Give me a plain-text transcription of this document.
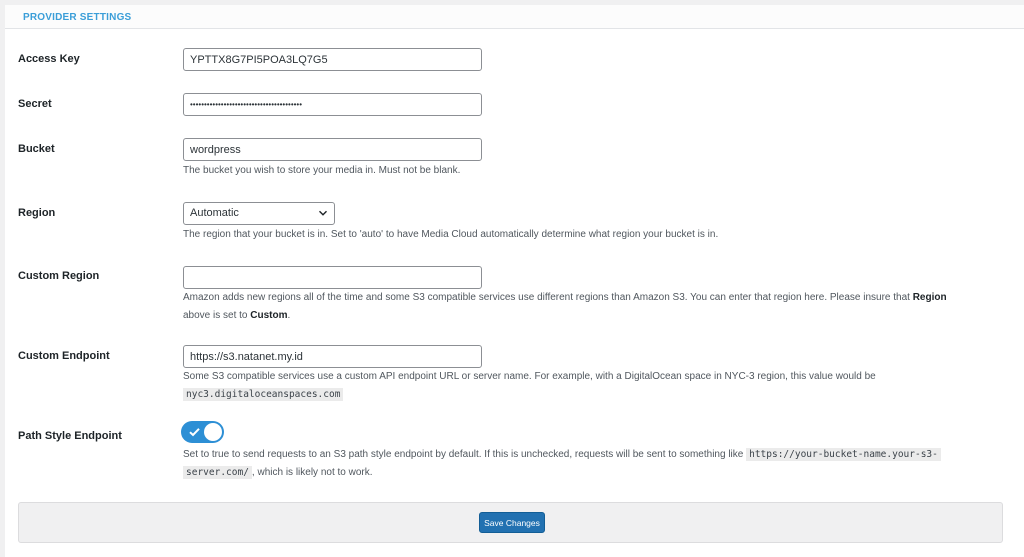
PROVIDER SETTINGS
Access Key
YPTTX8G7PI5POA3LQ7G5
Secret
••••••••••••••••••••••••••••••••••••••••
Bucket
wordpress
The bucket you wish to store your media in. Must not be blank.
Region	Automatic
The region that your bucket is in. Set to 'auto' to have Media Cloud automatically determine what region your bucket is in.
Custom Region
Amazon adds new regions all of the time and some S3 compatible services use different regions than Amazon S3. You can enter that region here. Please insure that Region
above is set to Custom.
Custom Endpoint
https://s3.natanet.my.id
Some S3 compatible services use a custom API endpoint URL or server name. For example, with a DigitalOcean space in NYC-3 region, this value would be
nyc3.digitaloceanspaces.com
Path Style Endpoint
Set to true to send requests to an S3 path style endpoint by default. If this is unchecked, requests will be sent to something like https://your-bucket-name.your-s3-
server.com/ , which is likely not to work.
Save Changes
